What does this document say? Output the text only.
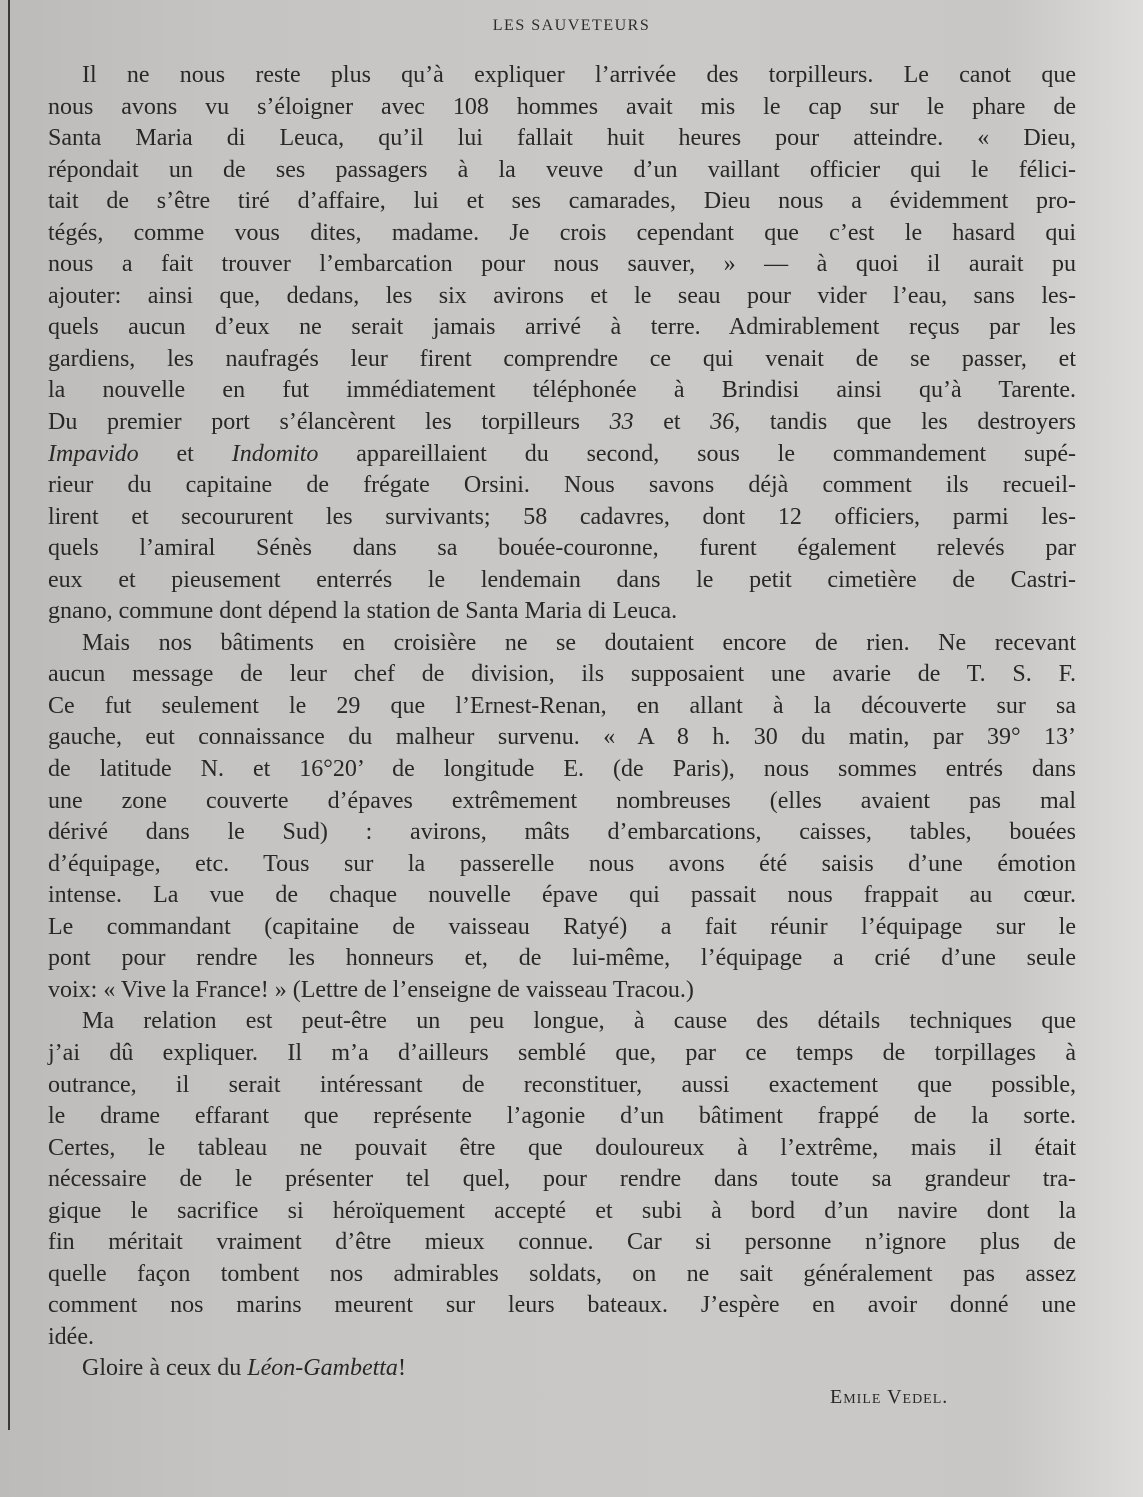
LES SAUVETEURS
Il ne nous reste plus qu’à expliquer l’arrivée des torpilleurs. Le canot que
nous avons vu s’éloigner avec 108 hommes avait mis le cap sur le phare de
Santa Maria di Leuca, qu’il lui fallait huit heures pour atteindre. « Dieu,
répondait un de ses passagers à la veuve d’un vaillant officier qui le félici-
tait de s’être tiré d’affaire, lui et ses camarades, Dieu nous a évidemment pro-
tégés, comme vous dites, madame. Je crois cependant que c’est le hasard qui
nous a fait trouver l’embarcation pour nous sauver, » — à quoi il aurait pu
ajouter: ainsi que, dedans, les six avirons et le seau pour vider l’eau, sans les-
quels aucun d’eux ne serait jamais arrivé à terre. Admirablement reçus par les
gardiens, les naufragés leur firent comprendre ce qui venait de se passer, et
la nouvelle en fut immédiatement téléphonée à Brindisi ainsi qu’à Tarente.
Du premier port s’élancèrent les torpilleurs 33 et 36, tandis que les destroyers
Impavido et Indomito appareillaient du second, sous le commandement supé-
rieur du capitaine de frégate Orsini. Nous savons déjà comment ils recueil-
lirent et secoururent les survivants; 58 cadavres, dont 12 officiers, parmi les-
quels l’amiral Sénès dans sa bouée-couronne, furent également relevés par
eux et pieusement enterrés le lendemain dans le petit cimetière de Castri-
gnano, commune dont dépend la station de Santa Maria di Leuca.
Mais nos bâtiments en croisière ne se doutaient encore de rien. Ne recevant
aucun message de leur chef de division, ils supposaient une avarie de T. S. F.
Ce fut seulement le 29 que l’Ernest-Renan, en allant à la découverte sur sa
gauche, eut connaissance du malheur survenu. « A 8 h. 30 du matin, par 39° 13’
de latitude N. et 16°20’ de longitude E. (de Paris), nous sommes entrés dans
une zone couverte d’épaves extrêmement nombreuses (elles avaient pas mal
dérivé dans le Sud) : avirons, mâts d’embarcations, caisses, tables, bouées
d’équipage, etc. Tous sur la passerelle nous avons été saisis d’une émotion
intense. La vue de chaque nouvelle épave qui passait nous frappait au cœur.
Le commandant (capitaine de vaisseau Ratyé) a fait réunir l’équipage sur le
pont pour rendre les honneurs et, de lui-même, l’équipage a crié d’une seule
voix: « Vive la France! » (Lettre de l’enseigne de vaisseau Tracou.)
Ma relation est peut-être un peu longue, à cause des détails techniques que
j’ai dû expliquer. Il m’a d’ailleurs semblé que, par ce temps de torpillages à
outrance, il serait intéressant de reconstituer, aussi exactement que possible,
le drame effarant que représente l’agonie d’un bâtiment frappé de la sorte.
Certes, le tableau ne pouvait être que douloureux à l’extrême, mais il était
nécessaire de le présenter tel quel, pour rendre dans toute sa grandeur tra-
gique le sacrifice si héroïquement accepté et subi à bord d’un navire dont la
fin méritait vraiment d’être mieux connue. Car si personne n’ignore plus de
quelle façon tombent nos admirables soldats, on ne sait généralement pas assez
comment nos marins meurent sur leurs bateaux. J’espère en avoir donné une
idée.
Gloire à ceux du Léon-Gambetta!
Emile Vedel.
